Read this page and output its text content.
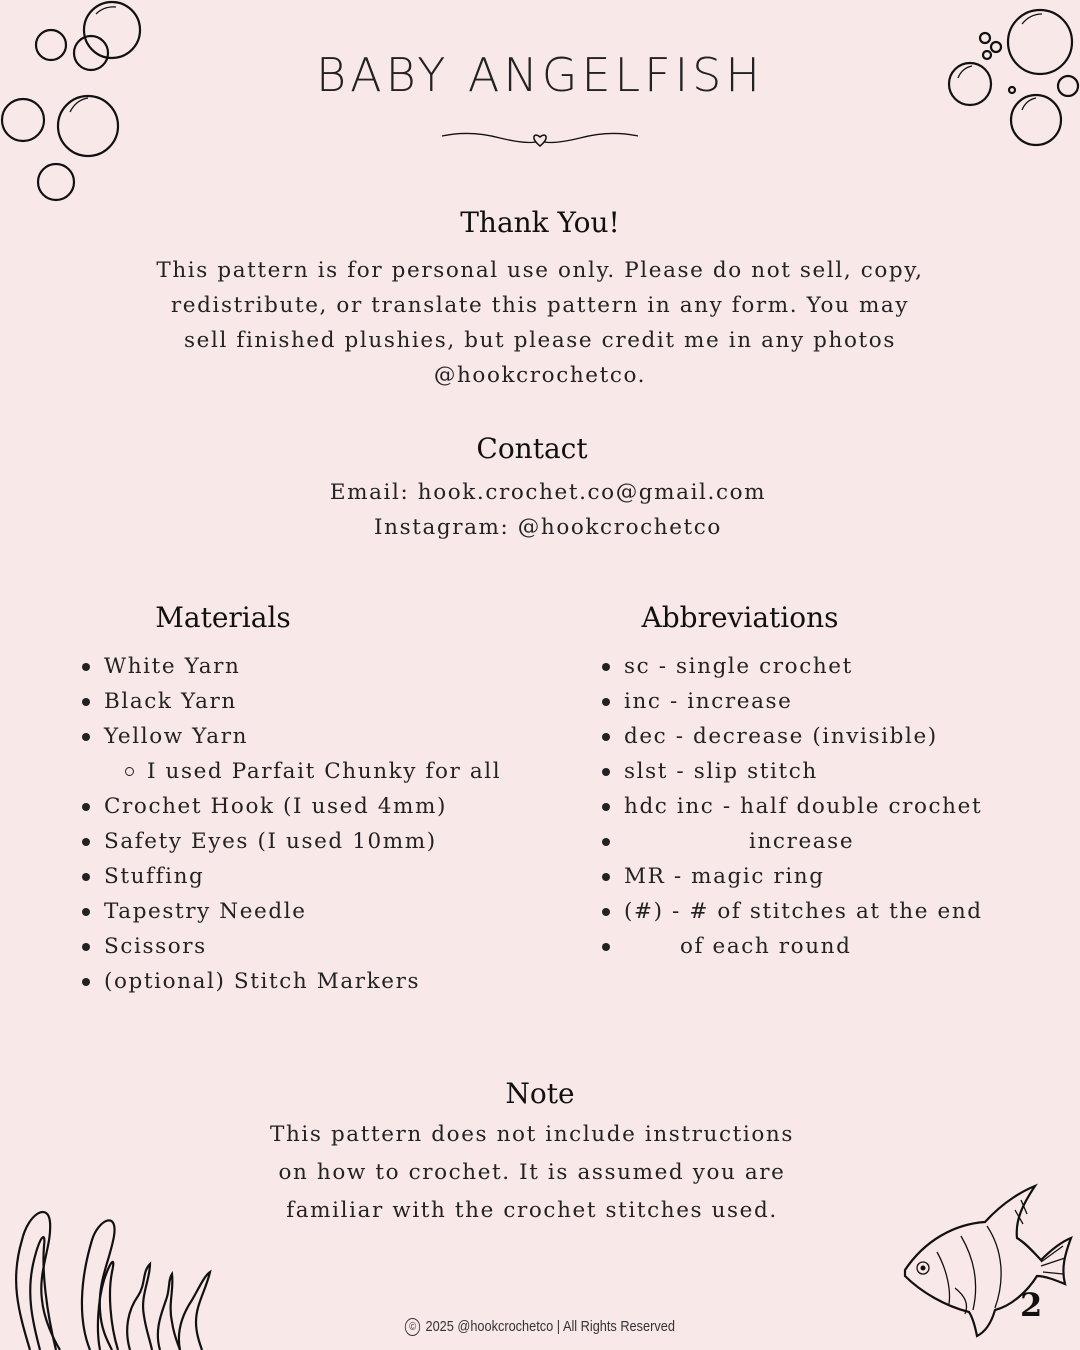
BABY ANGELFISH
Thank You!
This pattern is for personal use only. Please do not sell, copy,
redistribute, or translate this pattern in any form. You may
sell finished plushies, but please credit me in any photos
@hookcrochetco.
Contact
Email: hook.crochet.co@gmail.com
Instagram: @hookcrochetco
Materials
White Yarn
Black Yarn
Yellow Yarn
I used Parfait Chunky for all
Crochet Hook (I used 4mm)
Safety Eyes (I used 10mm)
Stuffing
Tapestry Needle
Scissors
(optional) Stitch Markers
Abbreviations
sc - single crochet
inc - increase
dec - decrease (invisible)
slst - slip stitch
hdc inc - half double crochet
increase
MR - magic ring
(#) - # of stitches at the end
of each round
Note
This pattern does not include instructions
on how to crochet. It is assumed you are
familiar with the crochet stitches used.
© 2025 @hookcrochetco | All Rights Reserved
2
